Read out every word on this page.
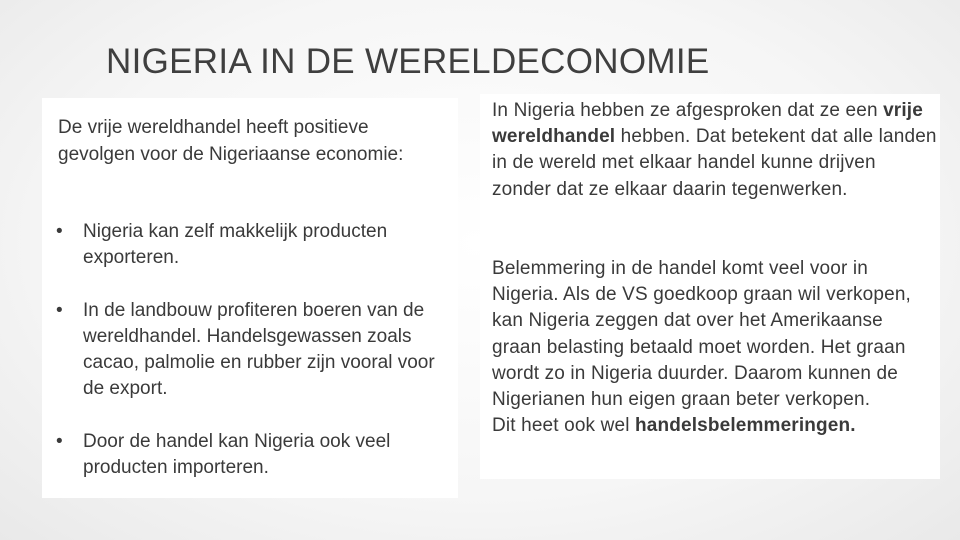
NIGERIA IN DE WERELDECONOMIE

De vrije wereldhandel heeft positieve gevolgen voor de Nigeriaanse economie:

• Nigeria kan zelf makkelijk producten exporteren.
• In de landbouw profiteren boeren van de wereldhandel. Handelsgewassen zoals cacao, palmolie en rubber zijn vooral voor de export.
• Door de handel kan Nigeria ook veel producten importeren.

In Nigeria hebben ze afgesproken dat ze een vrije wereldhandel hebben. Dat betekent dat alle landen in de wereld met elkaar handel kunne drijven zonder dat ze elkaar daarin tegenwerken.

Belemmering in de handel komt veel voor in Nigeria. Als de VS goedkoop graan wil verkopen, kan Nigeria zeggen dat over het Amerikaanse graan belasting betaald moet worden. Het graan wordt zo in Nigeria duurder. Daarom kunnen de Nigerianen hun eigen graan beter verkopen.
Dit heet ook wel handelsbelemmeringen.
